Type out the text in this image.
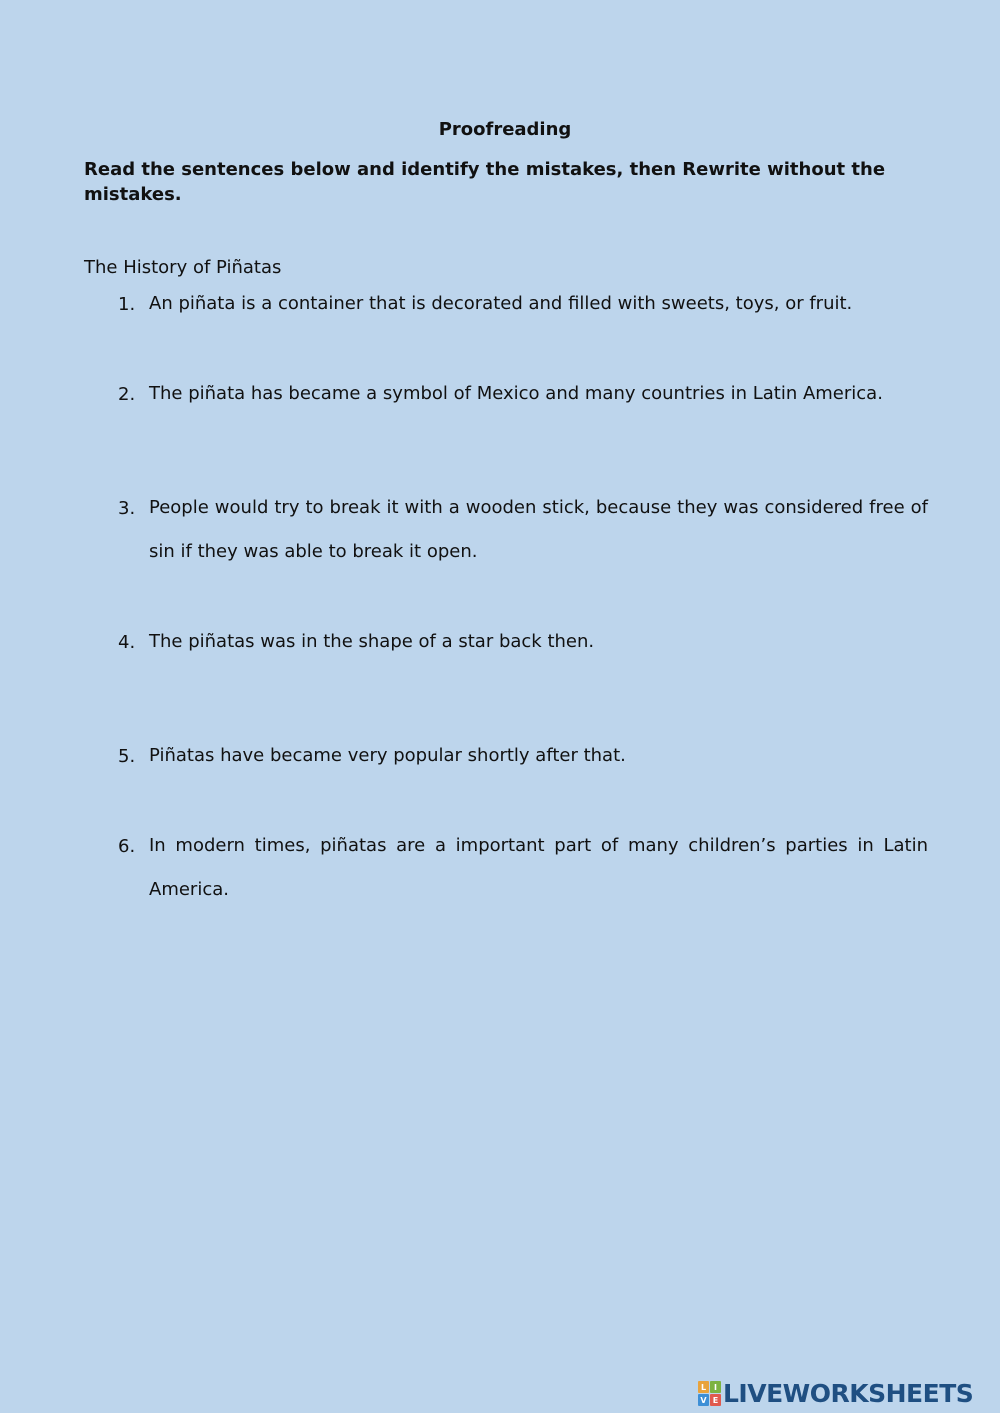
Proofreading
Read the sentences below and identify the mistakes, then Rewrite without the mistakes.
The History of Piñatas
1. An piñata is a container that is decorated and filled with sweets, toys, or fruit.
2. The piñata has became a symbol of Mexico and many countries in Latin America.
3. People would try to break it with a wooden stick, because they was considered free of sin if they was able to break it open.
4. The piñatas was in the shape of a star back then.
5. Piñatas have became very popular shortly after that.
6. In modern times, piñatas are a important part of many children’s parties in Latin America.
L I
V E LIVEWORKSHEETS
